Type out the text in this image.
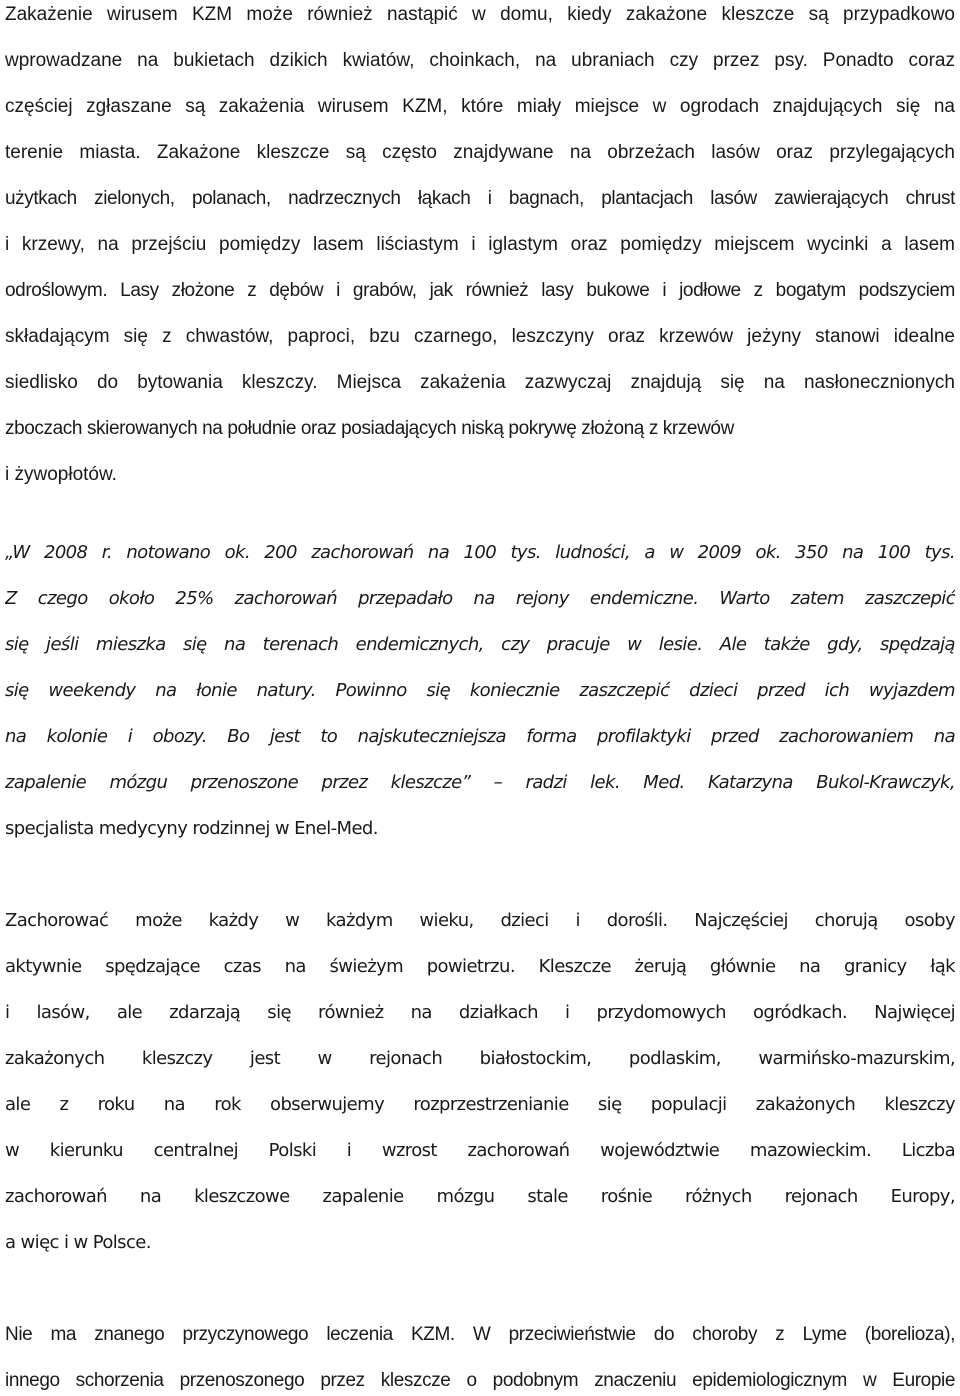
Zakażenie wirusem KZM może również nastąpić w domu, kiedy zakażone kleszcze są przypadkowo
wprowadzane na bukietach dzikich kwiatów, choinkach, na ubraniach czy przez psy. Ponadto coraz
częściej zgłaszane są zakażenia wirusem KZM, które miały miejsce w ogrodach znajdujących się na
terenie miasta. Zakażone kleszcze są często znajdywane na obrzeżach lasów oraz przylegających
użytkach zielonych, polanach, nadrzecznych łąkach i bagnach, plantacjach lasów zawierających chrust
i krzewy, na przejściu pomiędzy lasem liściastym i iglastym oraz pomiędzy miejscem wycinki a lasem
odroślowym. Lasy złożone z dębów i grabów, jak również lasy bukowe i jodłowe z bogatym podszyciem
składającym się z chwastów, paproci, bzu czarnego, leszczyny oraz krzewów jeżyny stanowi idealne
siedlisko do bytowania kleszczy. Miejsca zakażenia zazwyczaj znajdują się na nasłonecznionych
zboczach skierowanych na południe oraz posiadających niską pokrywę złożoną z krzewów
i żywopłotów.
„W 2008 r. notowano ok. 200 zachorowań na 100 tys. ludności, a w 2009 ok. 350 na 100 tys.
Z czego około 25% zachorowań przepadało na rejony endemiczne. Warto zatem zaszczepić
się jeśli mieszka się na terenach endemicznych, czy pracuje w lesie. Ale także gdy, spędzają
się weekendy na łonie natury. Powinno się koniecznie zaszczepić dzieci przed ich wyjazdem
na kolonie i obozy. Bo jest to najskuteczniejsza forma profilaktyki przed zachorowaniem na
zapalenie mózgu przenoszone przez kleszcze” – radzi lek. Med. Katarzyna Bukol-Krawczyk,
specjalista medycyny rodzinnej w Enel-Med.
Zachorować może każdy w każdym wieku, dzieci i dorośli. Najczęściej chorują osoby
aktywnie spędzające czas na świeżym powietrzu. Kleszcze żerują głównie na granicy łąk
i lasów, ale zdarzają się również na działkach i przydomowych ogródkach. Najwięcej
zakażonych kleszczy jest w rejonach białostockim, podlaskim, warmińsko-mazurskim,
ale z roku na rok obserwujemy rozprzestrzenianie się populacji zakażonych kleszczy
w kierunku centralnej Polski i wzrost zachorowań województwie mazowieckim. Liczba
zachorowań na kleszczowe zapalenie mózgu stale rośnie różnych rejonach Europy,
a więc i w Polsce.
Nie ma znanego przyczynowego leczenia KZM. W przeciwieństwie do choroby z Lyme (borelioza),
innego schorzenia przenoszonego przez kleszcze o podobnym znaczeniu epidemiologicznym w Europie
